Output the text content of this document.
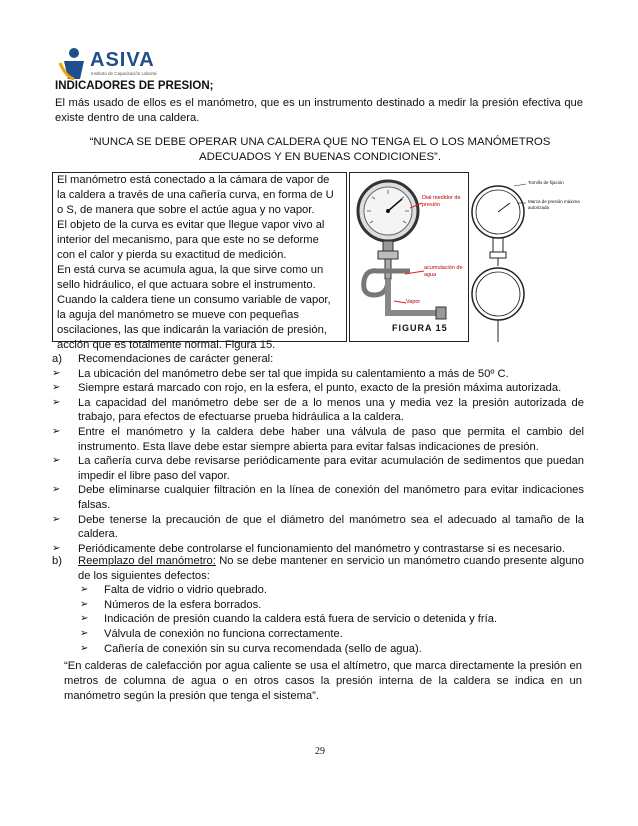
ASIVA
Instituto de Capacitación Laboral
INDICADORES DE PRESION;
El más usado de ellos es el manómetro, que es un instrumento destinado a medir la presión efectiva que existe dentro de una caldera.
“NUNCA SE DEBE OPERAR UNA CALDERA QUE NO TENGA EL O LOS MANÓMETROS ADECUADOS Y EN BUENAS CONDICIONES”.
El manómetro está conectado a la cámara de vapor de
la caldera a través de una cañería curva, en forma de U
o S, de manera que sobre el actúe agua y no vapor.
El objeto de la curva es evitar que llegue vapor vivo al
interior del mecanismo, para que este no se deforme
con el calor y pierda su exactitud de medición.
En está curva se acumula agua, la que sirve como un
sello hidráulico, el que actuara sobre el instrumento.
Cuando la caldera tiene un consumo variable de vapor,
la aguja del manómetro se mueve con pequeñas
oscilaciones, las que indicarán la variación de presión,
acción que es totalmente normal. Figura 15.
Dial medidor de presión
acumulación de agua
Vapor
FIGURA 15
Tornillo de fijación
Marca de presión máxima autorizada
a) Recomendaciones de carácter general:
➢ La ubicación del manómetro debe ser tal que impida su calentamiento a más de 50º C.
➢ Siempre estará marcado con rojo, en la esfera, el punto, exacto de la presión máxima autorizada.
➢ La capacidad del manómetro debe ser de a lo menos una y media vez la presión autorizada de trabajo, para efectos de efectuarse prueba hidráulica a la caldera.
➢ Entre el manómetro y la caldera debe haber una válvula de paso que permita el cambio del instrumento. Esta llave debe estar siempre abierta para evitar falsas indicaciones de presión.
➢ La cañería curva debe revisarse periódicamente para evitar acumulación de sedimentos que puedan impedir el libre paso del vapor.
➢ Debe eliminarse cualquier filtración en la línea de conexión del manómetro para evitar indicaciones falsas.
➢ Debe tenerse la precaución de que el diámetro del manómetro sea el adecuado al tamaño de la caldera.
➢ Periódicamente debe controlarse el funcionamiento del manómetro y contrastarse si es necesario.
b) Reemplazo del manómetro: No se debe mantener en servicio un manómetro cuando presente alguno de los siguientes defectos:
➢ Falta de vidrio o vidrio quebrado.
➢ Números de la esfera borrados.
➢ Indicación de presión cuando la caldera está fuera de servicio o detenida y fría.
➢ Válvula de conexión no funciona correctamente.
➢ Cañería de conexión sin su curva recomendada (sello de agua).
“En calderas de calefacción por agua caliente se usa el altímetro, que marca directamente la presión en metros de columna de agua o en otros casos la presión interna de la caldera se indica en un manómetro según la presión que tenga el sistema”.
29
